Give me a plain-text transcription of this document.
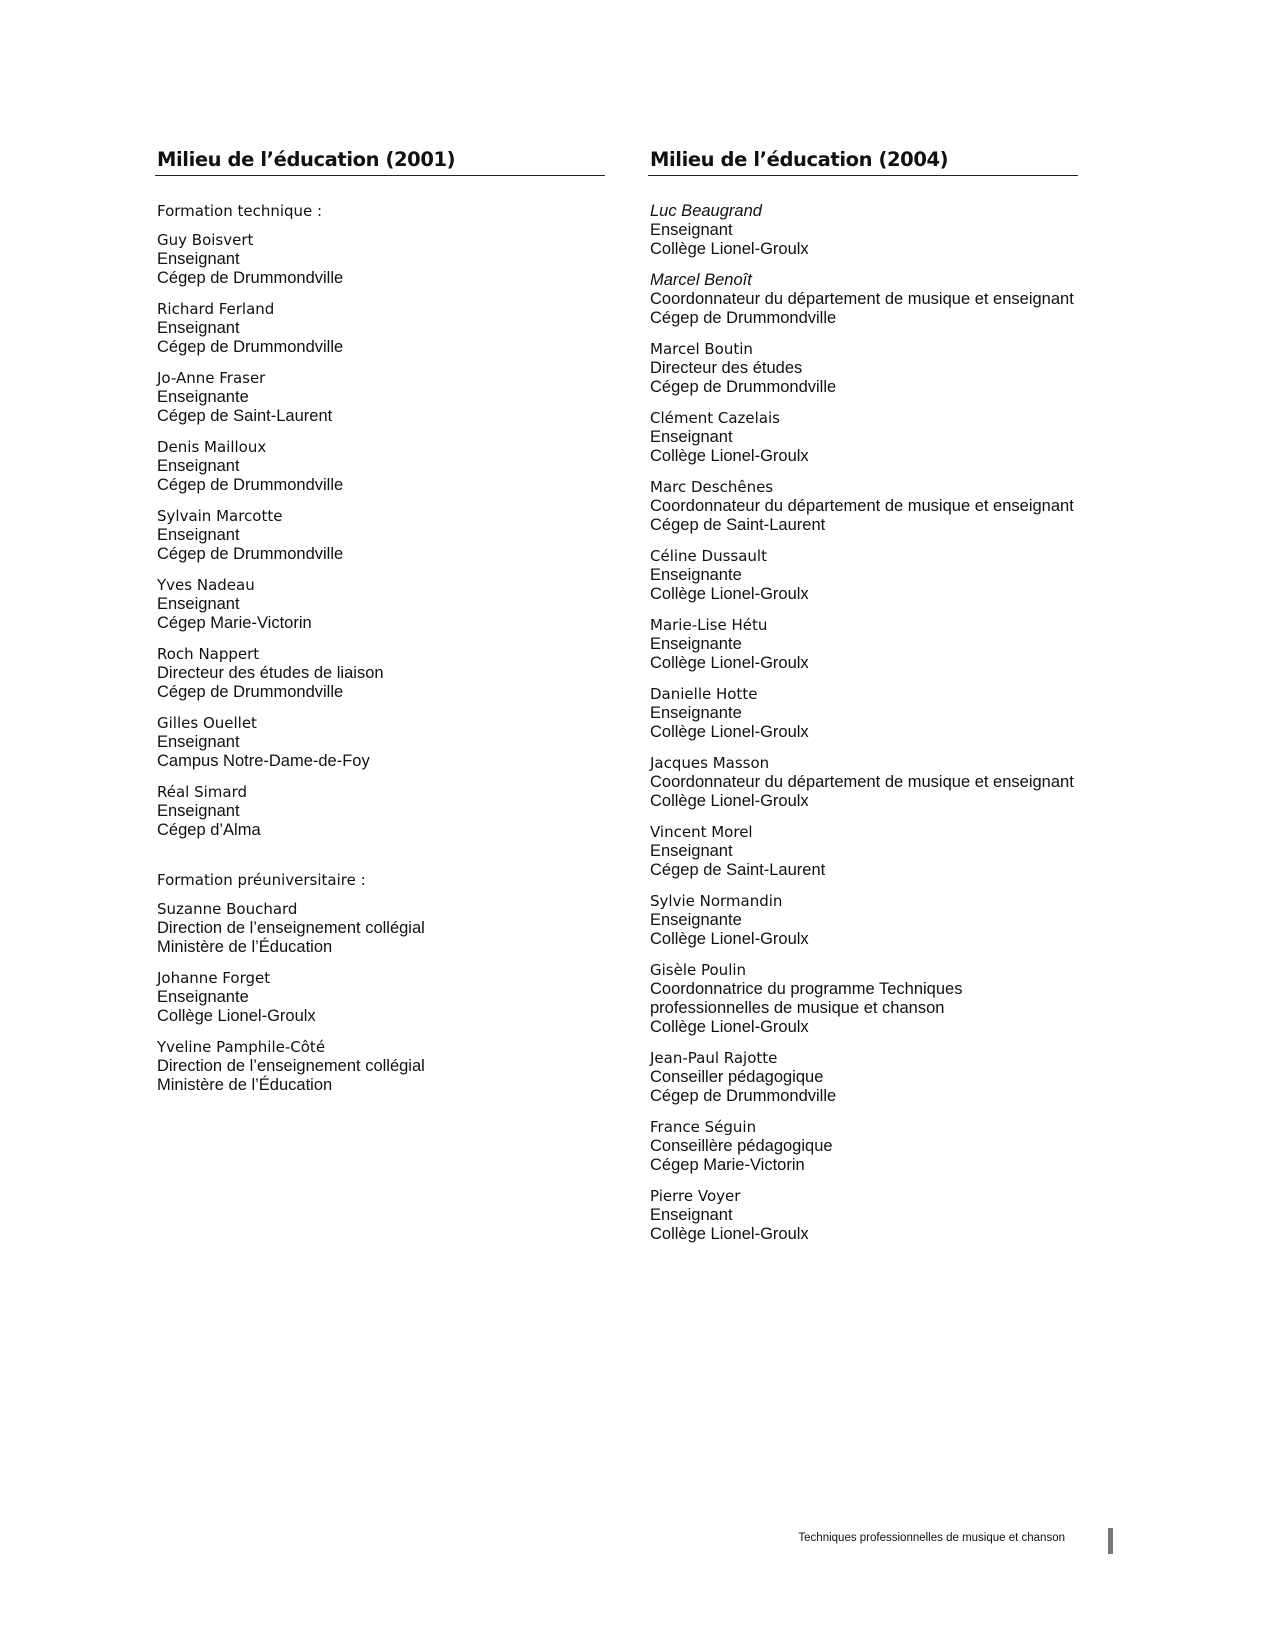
Milieu de l’éducation (2001)
Formation technique :
Guy Boisvert
Enseignant
Cégep de Drummondville
Richard Ferland
Enseignant
Cégep de Drummondville
Jo-Anne Fraser
Enseignante
Cégep de Saint-Laurent
Denis Mailloux
Enseignant
Cégep de Drummondville
Sylvain Marcotte
Enseignant
Cégep de Drummondville
Yves Nadeau
Enseignant
Cégep Marie-Victorin
Roch Nappert
Directeur des études de liaison
Cégep de Drummondville
Gilles Ouellet
Enseignant
Campus Notre-Dame-de-Foy
Réal Simard
Enseignant
Cégep d’Alma
Formation préuniversitaire :
Suzanne Bouchard
Direction de l’enseignement collégial
Ministère de l’Éducation
Johanne Forget
Enseignante
Collège Lionel-Groulx
Yveline Pamphile-Côté
Direction de l’enseignement collégial
Ministère de l’Éducation
Milieu de l’éducation (2004)
Luc Beaugrand
Enseignant
Collège Lionel-Groulx
Marcel Benoît
Coordonnateur du département de musique et enseignant
Cégep de Drummondville
Marcel Boutin
Directeur des études
Cégep de Drummondville
Clément Cazelais
Enseignant
Collège Lionel-Groulx
Marc Deschênes
Coordonnateur du département de musique et enseignant
Cégep de Saint-Laurent
Céline Dussault
Enseignante
Collège Lionel-Groulx
Marie-Lise Hétu
Enseignante
Collège Lionel-Groulx
Danielle Hotte
Enseignante
Collège Lionel-Groulx
Jacques Masson
Coordonnateur du département de musique et enseignant
Collège Lionel-Groulx
Vincent Morel
Enseignant
Cégep de Saint-Laurent
Sylvie Normandin
Enseignante
Collège Lionel-Groulx
Gisèle Poulin
Coordonnatrice du programme Techniques professionnelles de musique et chanson
Collège Lionel-Groulx
Jean-Paul Rajotte
Conseiller pédagogique
Cégep de Drummondville
France Séguin
Conseillère pédagogique
Cégep Marie-Victorin
Pierre Voyer
Enseignant
Collège Lionel-Groulx
Techniques professionnelles de musique et chanson
